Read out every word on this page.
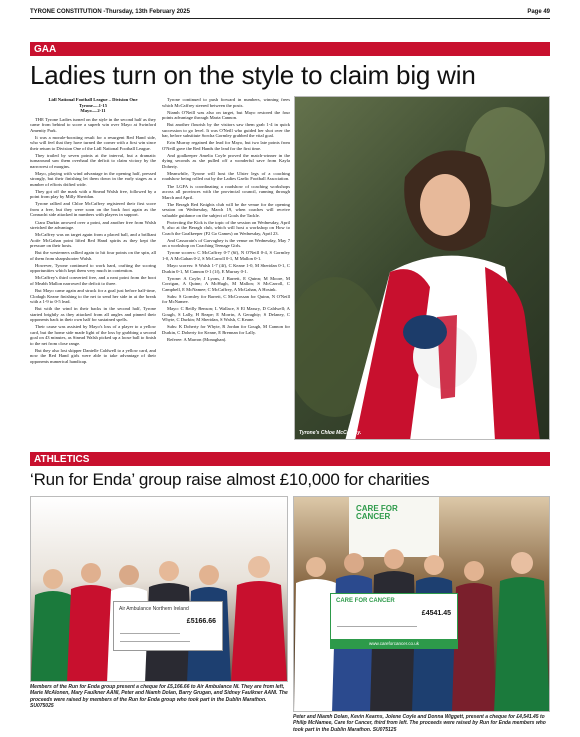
TYRONE CONSTITUTION -Thursday, 13th February 2025	Page 49
GAA
Ladies turn on the style to claim big win

Lidl National Football League – Division One

Tyrone.....1-15

Mayo.....2-11

THE Tyrone Ladies turned on the style in the second half as they came from behind to score a superb win over Mayo at Swinford Amenity Park.

It was a morale-boosting result for a resurgent Red Hand side, who will feel that they have turned the corner with a first win since their return to Division One of the Lidl National Football League.

They trailed by seven points at the interval, but a dramatic turnaround saw them overhaul the deficit to claim victory by the narrowest of margins.

Mayo, playing with wind advantage in the opening half, pressed strongly, but their finishing let them down in the early stages as a number of efforts drifted wide.

They got off the mark with a Sinead Walsh free, followed by a point from play by Milly Sheridan.

Tyrone rallied and Chloe McCaffrey registered their first score from a free, but they were soon on the back foot again as the Connacht side attacked in numbers with players in support.

Ciara Durkin arrowed over a point, and another free from Walsh stretched the advantage.

McCaffrey was on target again from a placed ball, and a brilliant Aoife McGahan point lifted Red Hand spirits as they kept the pressure on their hosts.

But the westerners rallied again to hit four points on the spin, all of them from sharpshooter Walsh.

However, Tyrone continued to work hard, crafting the scoring opportunities which kept them very much in contention.

McCaffrey's third converted free, and a neat point from the boot of Meabh Mallon narrowed the deficit to three.

But Mayo came again and struck for a goal just before half-time, Clodagh Keane finishing to the net to send her side in at the break with a 1-9 to 0-5 lead.

But with the wind in their backs in the second half, Tyrone started brightly as they attacked from all angles and pinned their opponents back in their own half for sustained spells.

Their cause was assisted by Mayo's loss of a player to a yellow card, but the home side made light of the loss by grabbing a second goal on 43 minutes, as Sinead Walsh picked up a loose ball to finish to the net from close range.

But they also lost skipper Danielle Caldwell to a yellow card, and now the Red Hand girls were able to take advantage of their opponents numerical handicap.

Tyrone continued to push forward in numbers, winning frees which McCaffrey steered between the posts.

Niamh O'Neill was also on target, but Mayo restored the four points advantage through Maria Cannon.

But another flourish by the visitors saw them grab 1-4 in quick succession to go level. It was O'Neill who guided her shot over the bar, before substitute Sorcha Gormley grabbed the vital goal.

Erin Murray regained the lead for Mayo, but two late points from O'Neill gave the Red Hands the lead for the first time.

And goalkeeper Amelia Coyle proved the match-winner in the dying seconds as she pulled off a wonderful save from Kayla Doherty.

Meanwhile, Tyrone will host the Ulster legs of a coaching roadshow being rolled out by the Ladies Gaelic Football Association.

The LGFA is coordinating a roadshow of coaching workshops across all provinces with the provincial council, running through March and April.

The Beragh Red Knights club will be the venue for the opening session on Wednesday, March 19, when coaches will receive valuable guidance on the subject of Goals the Tackle.

Protecting the Kick is the topic of the session on Wednesday, April 9, also at the Beragh club, which will host a workshop on How to Coach the Goalkeeper (F2 Go Games) on Wednesday, April 23.

And Cassorain's of Garvaghey is the venue on Wednesday, May 7 on a workshop on Coaching Teenage Girls.

Tyrone scorers: C McCaffrey 0-7 (6f), N O'Neill 0-4, S Gormley 1-0, A McGahan 0-2, S McCarroll 0-1, M Mallon 0-1.

Mayo scorers: S Walsh 1-7 (4f), C Keane 1-0, M Sheridan 0-1, C Durkin 0-1, M Cannon 0-1 (1f), E Murray 0-1.

Tyrone: A Coyle; J Lyons, J Barrett, E Quinn; M Moore, M Corrigan, A Quinn; A McHugh, M Mallon; S McCarroll, C Campbell, E McNamee; C McCaffrey, A McGahan, A Hosink.

Subs: S Gormley for Barrett, C McCrossan for Quinn, N O'Neill for McNamee.

Mayo: C Reilly Benson; L Wallace, S El Massry, D Caldwell; A Gough, S Lally, H Reape; E Morrin, A Geraghty; S Delaney, C Whyte, C Durkin; M Sheridan, S Walsh, C Keane.

Subs: K Doherty for Whyte, R Jordan for Gough, M Cannon for Durkin, C Doherty for Keane, E Brennan for Lally.

Referee: A Marron (Monaghan).

Tyrone's Chloe McCaffrey.
ATHLETICS
‘Run for Enda’ group raise almost £10,000 for charities
Air Ambulance Northern Ireland
£5166.66
Members of the Run for Enda group present a cheque for £5,166.66 to Air Ambulance NI. They are from left, Marie McAlonen, Mary Faulkner AANI, Peter and Niamh Dolan, Barry Grugan, and Sidney Faulkner AANI. The proceeds were raised by members of the Run for Enda group who took part in the Dublin Marathon. SU075025
CARE FOR
CANCER
CARE FOR CANCER
£4541.45
www.careforcancer.co.uk
Peter and Niamh Dolan, Kevin Kearns, Jolene Coyle and Donna Wiggett, present a cheque for £4,541.45 to Philip McNamee, Care for Cancer, third from left. The proceeds were raised by Run for Enda members who took part in the Dublin Marathon. SU075125
